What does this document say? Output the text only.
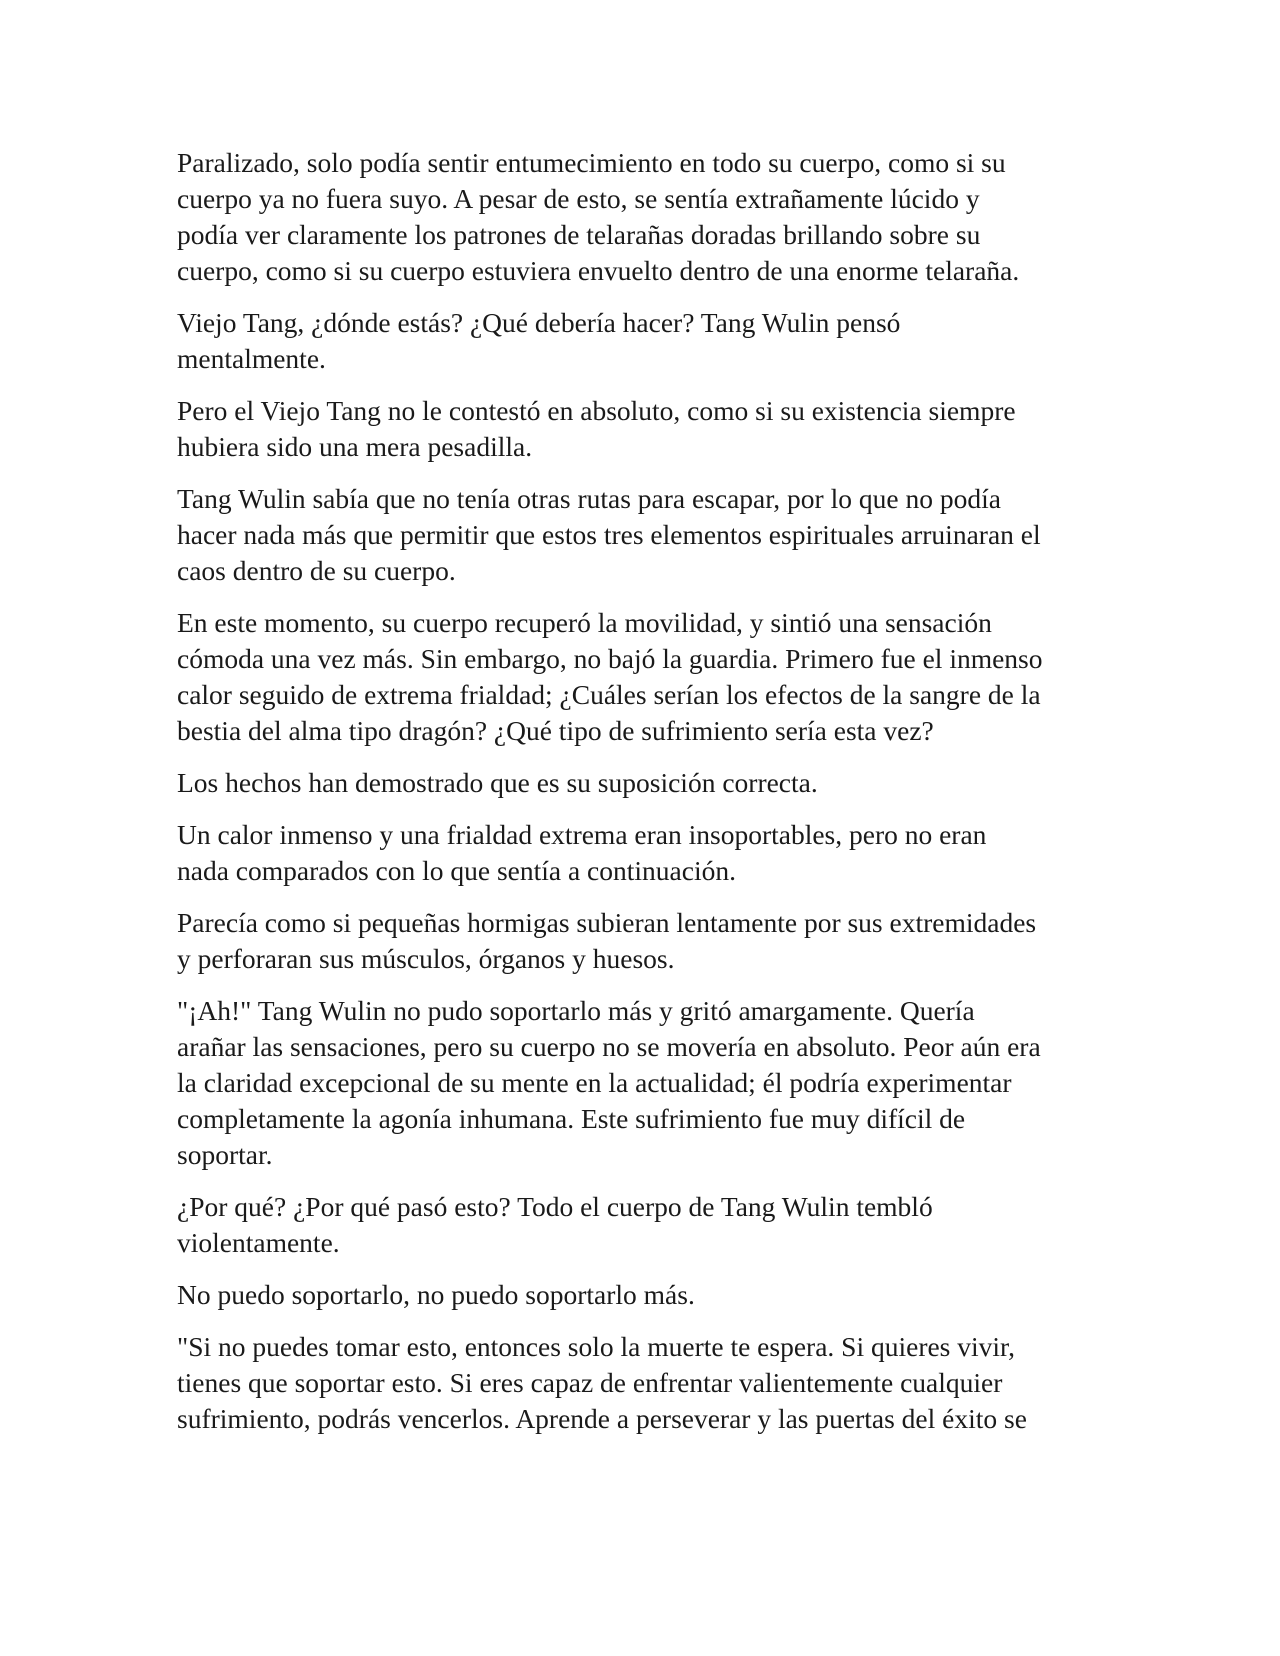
Paralizado, solo podía sentir entumecimiento en todo su cuerpo, como si su
cuerpo ya no fuera suyo. A pesar de esto, se sentía extrañamente lúcido y
podía ver claramente los patrones de telarañas doradas brillando sobre su
cuerpo, como si su cuerpo estuviera envuelto dentro de una enorme telaraña.

Viejo Tang, ¿dónde estás? ¿Qué debería hacer? Tang Wulin pensó
mentalmente.

Pero el Viejo Tang no le contestó en absoluto, como si su existencia siempre
hubiera sido una mera pesadilla.

Tang Wulin sabía que no tenía otras rutas para escapar, por lo que no podía
hacer nada más que permitir que estos tres elementos espirituales arruinaran el
caos dentro de su cuerpo.

En este momento, su cuerpo recuperó la movilidad, y sintió una sensación
cómoda una vez más. Sin embargo, no bajó la guardia. Primero fue el inmenso
calor seguido de extrema frialdad; ¿Cuáles serían los efectos de la sangre de la
bestia del alma tipo dragón? ¿Qué tipo de sufrimiento sería esta vez?

Los hechos han demostrado que es su suposición correcta.

Un calor inmenso y una frialdad extrema eran insoportables, pero no eran
nada comparados con lo que sentía a continuación.

Parecía como si pequeñas hormigas subieran lentamente por sus extremidades
y perforaran sus músculos, órganos y huesos.

"¡Ah!" Tang Wulin no pudo soportarlo más y gritó amargamente. Quería
arañar las sensaciones, pero su cuerpo no se movería en absoluto. Peor aún era
la claridad excepcional de su mente en la actualidad; él podría experimentar
completamente la agonía inhumana. Este sufrimiento fue muy difícil de
soportar.

¿Por qué? ¿Por qué pasó esto? Todo el cuerpo de Tang Wulin tembló
violentamente.

No puedo soportarlo, no puedo soportarlo más.

"Si no puedes tomar esto, entonces solo la muerte te espera. Si quieres vivir,
tienes que soportar esto. Si eres capaz de enfrentar valientemente cualquier
sufrimiento, podrás vencerlos. Aprende a perseverar y las puertas del éxito se
